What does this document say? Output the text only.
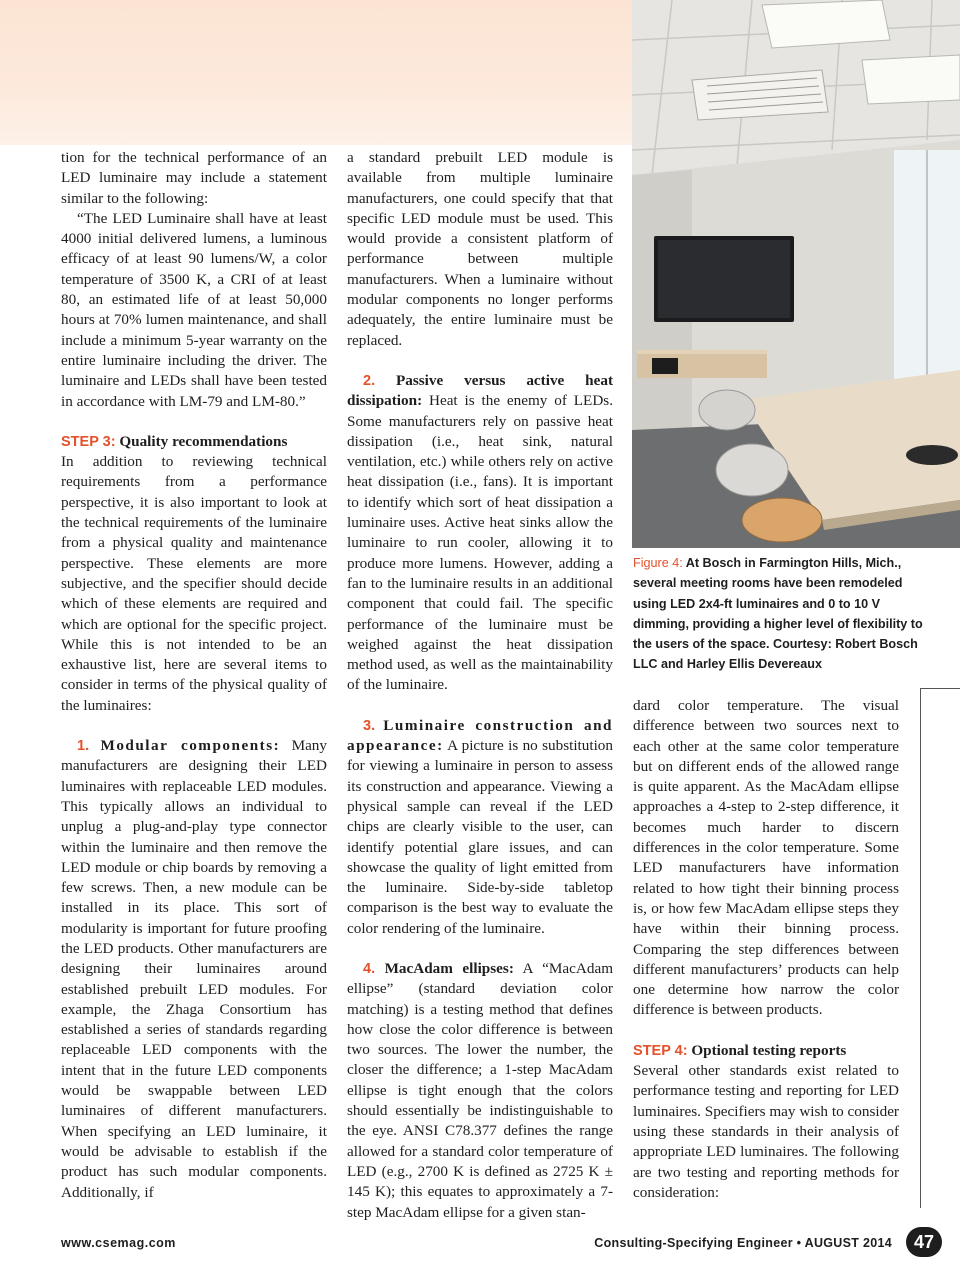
tion for the technical performance of an LED luminaire may include a statement similar to the following:

“The LED Luminaire shall have at least 4000 initial delivered lumens, a luminous efficacy of at least 90 lumens/W, a color temperature of 3500 K, a CRI of at least 80, an estimated life of at least 50,000 hours at 70% lumen maintenance, and shall include a minimum 5-year warranty on the entire luminaire including the driver. The luminaire and LEDs shall have been tested in accordance with LM-79 and LM-80.”

STEP 3: Quality recommendations

In addition to reviewing technical requirements from a performance perspective, it is also important to look at the technical requirements of the luminaire from a physical quality and maintenance perspective. These elements are more subjective, and the specifier should decide which of these elements are required and which are optional for the specific project. While this is not intended to be an exhaustive list, here are several items to consider in terms of the physical quality of the luminaires:

1. Modular components: Many manufacturers are designing their LED luminaires with replaceable LED modules. This typically allows an individual to unplug a plug-and-play type connector within the luminaire and then remove the LED module or chip boards by removing a few screws. Then, a new module can be installed in its place. This sort of modularity is important for future proofing the LED products. Other manufacturers are designing their luminaires around established prebuilt LED modules. For example, the Zhaga Consortium has established a series of standards regarding replaceable LED components with the intent that in the future LED components would be swappable between LED luminaires of different manufacturers. When specifying an LED luminaire, it would be advisable to establish if the product has such modular components. Additionally, if

a standard prebuilt LED module is available from multiple luminaire manufacturers, one could specify that that specific LED module must be used. This would provide a consistent platform of performance between multiple manufacturers. When a luminaire without modular components no longer performs adequately, the entire luminaire must be replaced.

2. Passive versus active heat dissipation: Heat is the enemy of LEDs. Some manufacturers rely on passive heat dissipation (i.e., heat sink, natural ventilation, etc.) while others rely on active heat dissipation (i.e., fans). It is important to identify which sort of heat dissipation a luminaire uses. Active heat sinks allow the luminaire to run cooler, allowing it to produce more lumens. However, adding a fan to the luminaire results in an additional component that could fail. The specific performance of the luminaire must be weighed against the heat dissipation method used, as well as the maintainability of the luminaire.

3. Luminaire construction and appearance: A picture is no substitution for viewing a luminaire in person to assess its construction and appearance. Viewing a physical sample can reveal if the LED chips are clearly visible to the user, can identify potential glare issues, and can showcase the quality of light emitted from the luminaire. Side-by-side tabletop comparison is the best way to evaluate the color rendering of the luminaire.

4. MacAdam ellipses: A “MacAdam ellipse” (standard deviation color matching) is a testing method that defines how close the color difference is between two sources. The lower the number, the closer the difference; a 1-step MacAdam ellipse is tight enough that the colors should essentially be indistinguishable to the eye. ANSI C78.377 defines the range allowed for a standard color temperature of LED (e.g., 2700 K is defined as 2725 K ± 145 K); this equates to approximately a 7-step MacAdam ellipse for a given stan-

Figure 4: At Bosch in Farmington Hills, Mich., several meeting rooms have been remodeled using LED 2x4-ft luminaires and 0 to 10 V dimming, providing a higher level of flexibility to the users of the space. Courtesy: Robert Bosch LLC and Harley Ellis Devereaux

dard color temperature. The visual difference between two sources next to each other at the same color temperature but on different ends of the allowed range is quite apparent. As the MacAdam ellipse approaches a 4-step to 2-step difference, it becomes much harder to discern differences in the color temperature. Some LED manufacturers have information related to how tight their binning process is, or how few MacAdam ellipse steps they have within their binning process. Comparing the step differences between different manufacturers’ products can help one determine how narrow the color difference is between products.

STEP 4: Optional testing reports

Several other standards exist related to performance testing and reporting for LED luminaires. Specifiers may wish to consider using these standards in their analysis of appropriate LED luminaires. The following are two testing and reporting methods for consideration:

www.csemag.com	Consulting-Specifying Engineer • AUGUST 2014	47
